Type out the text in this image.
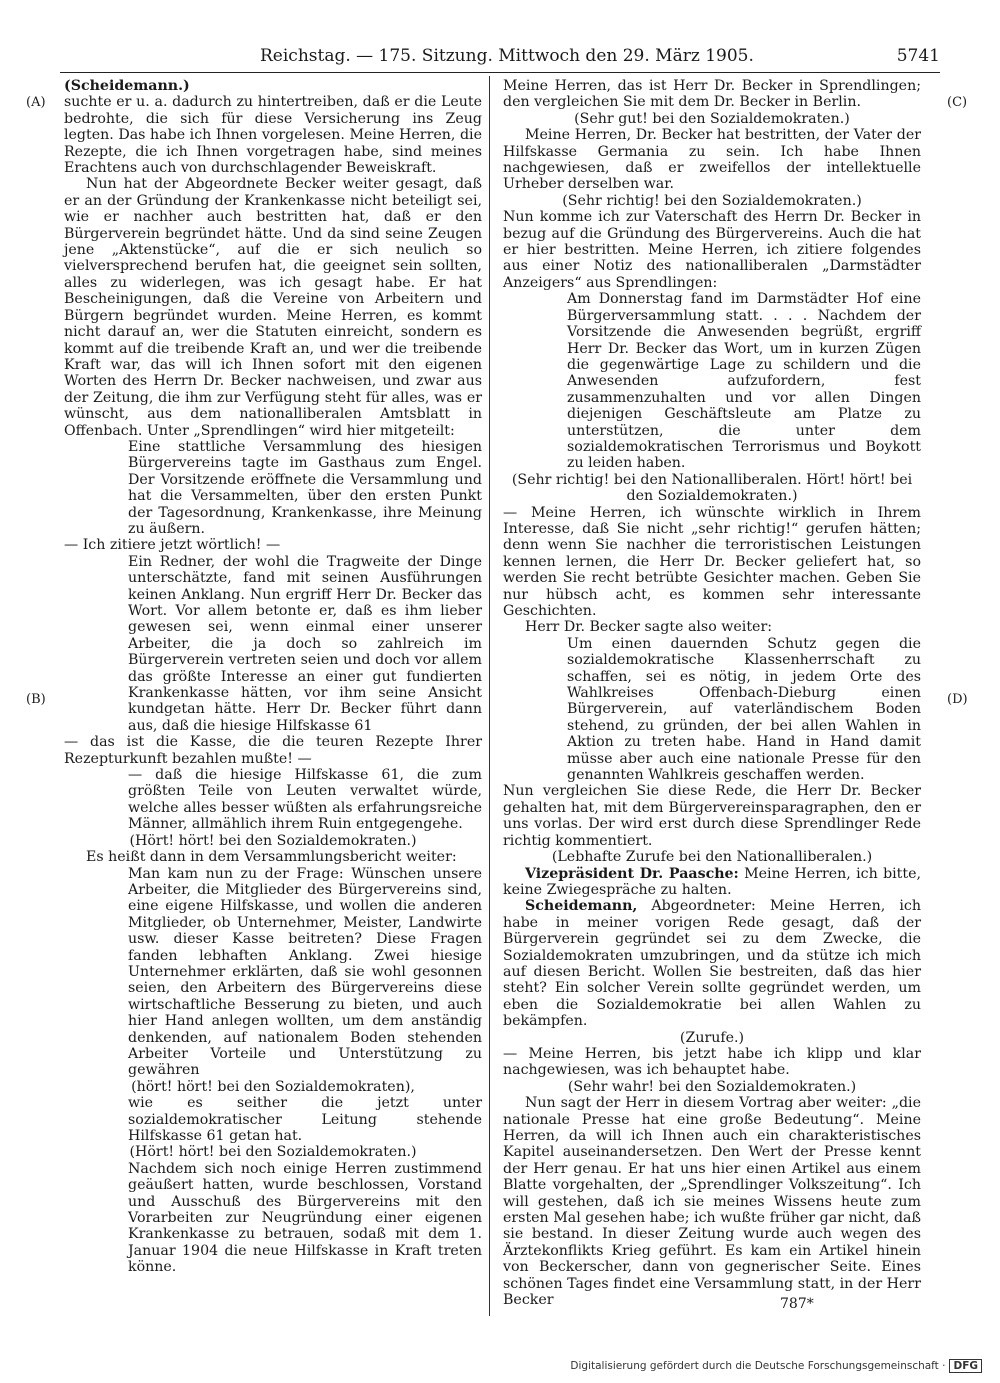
Reichstag. — 175. Sitzung. Mittwoch den 29. März 1905.	5741
(A)
(B)
(C)
(D)

(Scheidemann.)

suchte er u. a. dadurch zu hintertreiben, daß er die Leute bedrohte, die sich für diese Versicherung ins Zeug legten. Das habe ich Ihnen vorgelesen. Meine Herren, die Rezepte, die ich Ihnen vorgetragen habe, sind meines Erachtens auch von durchschlagender Beweiskraft.

Nun hat der Abgeordnete Becker weiter gesagt, daß er an der Gründung der Krankenkasse nicht beteiligt sei, wie er nachher auch bestritten hat, daß er den Bürgerverein begründet hätte. Und da sind seine Zeugen jene „Aktenstücke“, auf die er sich neulich so vielversprechend berufen hat, die geeignet sein sollten, alles zu widerlegen, was ich gesagt habe. Er hat Bescheinigungen, daß die Vereine von Arbeitern und Bürgern begründet wurden. Meine Herren, es kommt nicht darauf an, wer die Statuten einreicht, sondern es kommt auf die treibende Kraft an, und wer die treibende Kraft war, das will ich Ihnen sofort mit den eigenen Worten des Herrn Dr. Becker nachweisen, und zwar aus der Zeitung, die ihm zur Verfügung steht für alles, was er wünscht, aus dem nationalliberalen Amtsblatt in Offenbach. Unter „Sprendlingen“ wird hier mitgeteilt:

Eine stattliche Versammlung des hiesigen Bürgervereins tagte im Gasthaus zum Engel. Der Vorsitzende eröffnete die Versammlung und hat die Versammelten, über den ersten Punkt der Tagesordnung, Krankenkasse, ihre Meinung zu äußern.

— Ich zitiere jetzt wörtlich! —

Ein Redner, der wohl die Tragweite der Dinge unterschätzte, fand mit seinen Ausführungen keinen Anklang. Nun ergriff Herr Dr. Becker das Wort. Vor allem betonte er, daß es ihm lieber gewesen sei, wenn einmal einer unserer Arbeiter, die ja doch so zahlreich im Bürgerverein vertreten seien und doch vor allem das größte Interesse an einer gut fundierten Krankenkasse hätten, vor ihm seine Ansicht kundgetan hätte. Herr Dr. Becker führt dann aus, daß die hiesige Hilfskasse 61

— das ist die Kasse, die die teuren Rezepte Ihrer Rezepturkunft bezahlen mußte! —

— daß die hiesige Hilfskasse 61, die zum größten Teile von Leuten verwaltet würde, welche alles besser wüßten als erfahrungsreiche Männer, allmählich ihrem Ruin entgegengehe.

(Hört! hört! bei den Sozialdemokraten.)

Es heißt dann in dem Versammlungsbericht weiter:

Man kam nun zu der Frage: Wünschen unsere Arbeiter, die Mitglieder des Bürgervereins sind, eine eigene Hilfskasse, und wollen die anderen Mitglieder, ob Unternehmer, Meister, Landwirte usw. dieser Kasse beitreten? Diese Fragen fanden lebhaften Anklang. Zwei hiesige Unternehmer erklärten, daß sie wohl gesonnen seien, den Arbeitern des Bürgervereins diese wirtschaftliche Besserung zu bieten, und auch hier Hand anlegen wollten, um dem anständig denkenden, auf nationalem Boden stehenden Arbeiter Vorteile und Unterstützung zu gewähren

(hört! hört! bei den Sozialdemokraten),

wie es seither die jetzt unter sozialdemokratischer Leitung stehende Hilfskasse 61 getan hat.

(Hört! hört! bei den Sozialdemokraten.)

Nachdem sich noch einige Herren zustimmend geäußert hatten, wurde beschlossen, Vorstand und Ausschuß des Bürgervereins mit den Vorarbeiten zur Neugründung einer eigenen Krankenkasse zu betrauen, sodaß mit dem 1. Januar 1904 die neue Hilfskasse in Kraft treten könne.

Meine Herren, das ist Herr Dr. Becker in Sprendlingen; den vergleichen Sie mit dem Dr. Becker in Berlin.

(Sehr gut! bei den Sozialdemokraten.)

Meine Herren, Dr. Becker hat bestritten, der Vater der Hilfskasse Germania zu sein. Ich habe Ihnen nachgewiesen, daß er zweifellos der intellektuelle Urheber derselben war.

(Sehr richtig! bei den Sozialdemokraten.)

Nun komme ich zur Vaterschaft des Herrn Dr. Becker in bezug auf die Gründung des Bürgervereins. Auch die hat er hier bestritten. Meine Herren, ich zitiere folgendes aus einer Notiz des nationalliberalen „Darmstädter Anzeigers“ aus Sprendlingen:

Am Donnerstag fand im Darmstädter Hof eine Bürgerversammlung statt. . . . Nachdem der Vorsitzende die Anwesenden begrüßt, ergriff Herr Dr. Becker das Wort, um in kurzen Zügen die gegenwärtige Lage zu schildern und die Anwesenden aufzufordern, fest zusammenzuhalten und vor allen Dingen diejenigen Geschäftsleute am Platze zu unterstützen, die unter dem sozialdemokratischen Terrorismus und Boykott zu leiden haben.

(Sehr richtig! bei den Nationalliberalen. Hört! hört! bei den Sozialdemokraten.)

— Meine Herren, ich wünschte wirklich in Ihrem Interesse, daß Sie nicht „sehr richtig!“ gerufen hätten; denn wenn Sie nachher die terroristischen Leistungen kennen lernen, die Herr Dr. Becker geliefert hat, so werden Sie recht betrübte Gesichter machen. Geben Sie nur hübsch acht, es kommen sehr interessante Geschichten.

Herr Dr. Becker sagte also weiter:

Um einen dauernden Schutz gegen die sozialdemokratische Klassenherrschaft zu schaffen, sei es nötig, in jedem Orte des Wahlkreises Offenbach-Dieburg einen Bürgerverein, auf vaterländischem Boden stehend, zu gründen, der bei allen Wahlen in Aktion zu treten habe. Hand in Hand damit müsse aber auch eine nationale Presse für den genannten Wahlkreis geschaffen werden.

Nun vergleichen Sie diese Rede, die Herr Dr. Becker gehalten hat, mit dem Bürgervereinsparagraphen, den er uns vorlas. Der wird erst durch diese Sprendlinger Rede richtig kommentiert.

(Lebhafte Zurufe bei den Nationalliberalen.)

Vizepräsident Dr. Paasche: Meine Herren, ich bitte, keine Zwiegespräche zu halten.

Scheidemann, Abgeordneter: Meine Herren, ich habe in meiner vorigen Rede gesagt, daß der Bürgerverein gegründet sei zu dem Zwecke, die Sozialdemokraten umzubringen, und da stütze ich mich auf diesen Bericht. Wollen Sie bestreiten, daß das hier steht? Ein solcher Verein sollte gegründet werden, um eben die Sozialdemokratie bei allen Wahlen zu bekämpfen.

(Zurufe.)

— Meine Herren, bis jetzt habe ich klipp und klar nachgewiesen, was ich behauptet habe.

(Sehr wahr! bei den Sozialdemokraten.)

Nun sagt der Herr in diesem Vortrag aber weiter: „die nationale Presse hat eine große Bedeutung“. Meine Herren, da will ich Ihnen auch ein charakteristisches Kapitel auseinandersetzen. Den Wert der Presse kennt der Herr genau. Er hat uns hier einen Artikel aus einem Blatte vorgehalten, der „Sprendlinger Volkszeitung“. Ich will gestehen, daß ich sie meines Wissens heute zum ersten Mal gesehen habe; ich wußte früher gar nicht, daß sie bestand. In dieser Zeitung wurde auch wegen des Ärztekonflikts Krieg geführt. Es kam ein Artikel hinein von Beckerscher, dann von gegnerischer Seite. Eines schönen Tages findet eine Versammlung statt, in der Herr Becker	787*
Digitalisierung gefördert durch die Deutsche Forschungsgemeinschaft · DFG
